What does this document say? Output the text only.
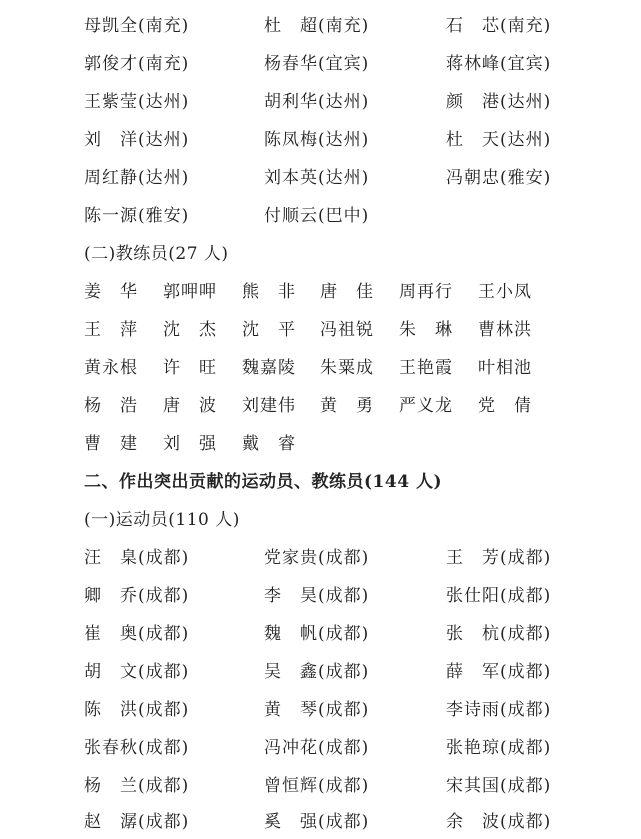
母凯全(南充)	杜　超(南充)	石　芯(南充)
郭俊才(南充)	杨春华(宜宾)	蒋林峰(宜宾)
王紫莹(达州)	胡利华(达州)	颜　港(达州)
刘　洋(达州)	陈凤梅(达州)	杜　天(达州)
周红静(达州)	刘本英(达州)	冯朝忠(雅安)
陈一源(雅安)	付顺云(巴中)
(二)教练员(27 人)
姜　华 郭呷呷 熊　非 唐　佳 周再行 王小凤
王　萍 沈　杰 沈　平 冯祖锐 朱　琳 曹林洪
黄永根 许　旺 魏嘉陵 朱粟成 王艳霞 叶相池
杨　浩 唐　波 刘建伟 黄　勇 严义龙 党　倩
曹　建 刘　强 戴　睿
二、作出突出贡献的运动员、教练员(144 人)
(一)运动员(110 人)
汪　臬(成都)	党家贵(成都)	王　芳(成都)
卿　乔(成都)	李　昊(成都)	张仕阳(成都)
崔　奥(成都)	魏　帆(成都)	张　杭(成都)
胡　文(成都)	吴　鑫(成都)	薛　军(成都)
陈　洪(成都)	黄　琴(成都)	李诗雨(成都)
张春秋(成都)	冯冲花(成都)	张艳琼(成都)
杨　兰(成都)	曾恒辉(成都)	宋其国(成都)
赵　潺(成都)	奚　强(成都)	余　波(成都)
